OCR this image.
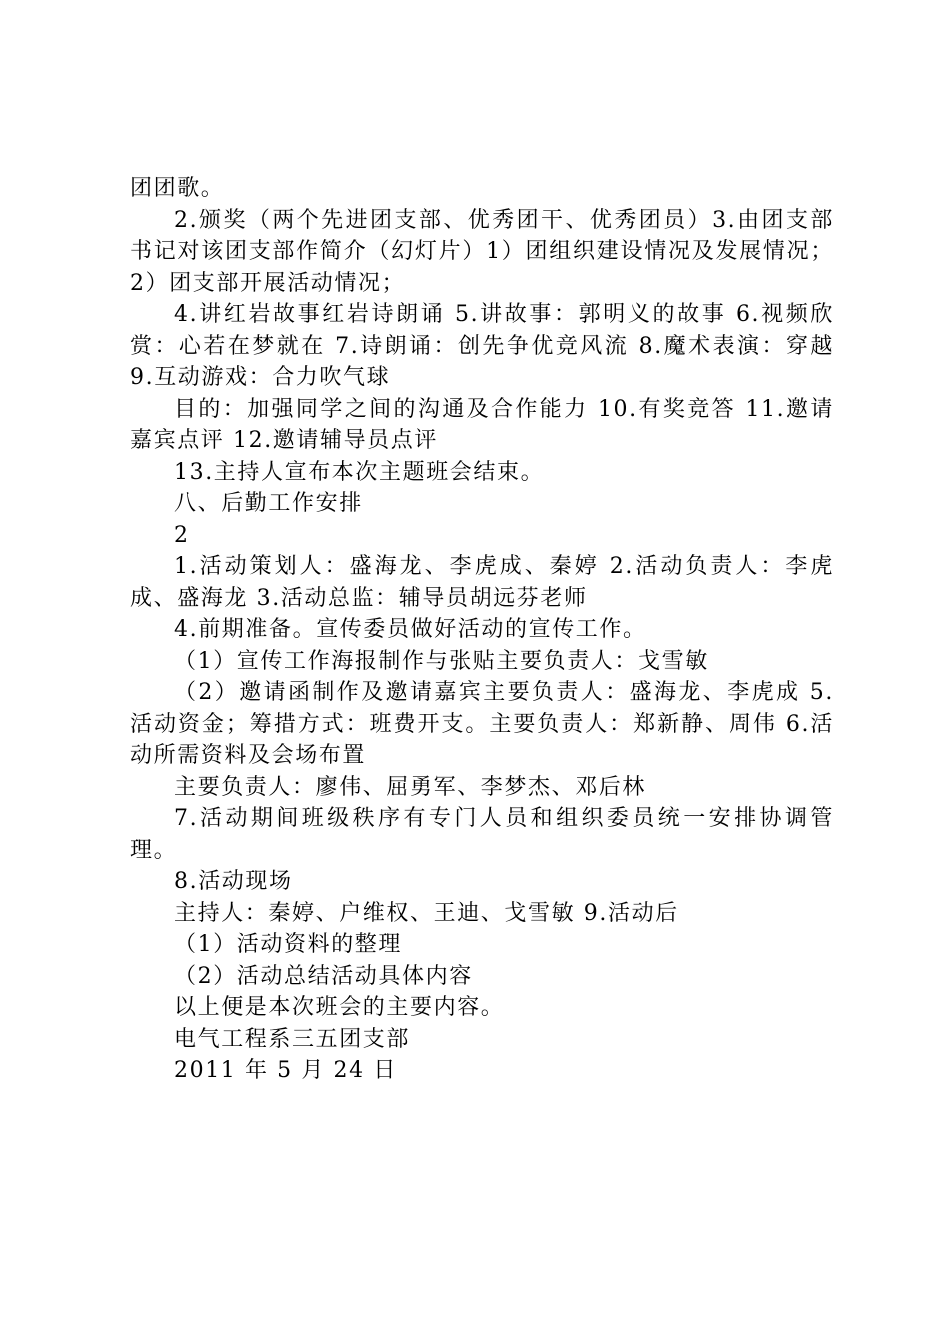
团团歌。

2.颁奖（两个先进团支部、优秀团干、优秀团员）3.由团支部书记对该团支部作简介（幻灯片）1）团组织建设情况及发展情况；2）团支部开展活动情况；

4.讲红岩故事红岩诗朗诵 5.讲故事：郭明义的故事 6.视频欣赏：心若在梦就在 7.诗朗诵：创先争优竞风流 8.魔术表演：穿越 9.互动游戏：合力吹气球

目的：加强同学之间的沟通及合作能力 10.有奖竞答 11.邀请嘉宾点评 12.邀请辅导员点评

13.主持人宣布本次主题班会结束。

八、后勤工作安排

2

1.活动策划人：盛海龙、李虎成、秦婷 2.活动负责人：李虎成、盛海龙 3.活动总监：辅导员胡远芬老师

4.前期准备。宣传委员做好活动的宣传工作。

（1）宣传工作海报制作与张贴主要负责人：戈雪敏

（2）邀请函制作及邀请嘉宾主要负责人：盛海龙、李虎成 5.活动资金；筹措方式：班费开支。主要负责人：郑新静、周伟 6.活动所需资料及会场布置

主要负责人：廖伟、屈勇军、李梦杰、邓后林

7.活动期间班级秩序有专门人员和组织委员统一安排协调管理。

8.活动现场

主持人：秦婷、户维权、王迪、戈雪敏 9.活动后

（1）活动资料的整理

（2）活动总结活动具体内容

以上便是本次班会的主要内容。

电气工程系三五团支部

2011 年 5 月 24 日
